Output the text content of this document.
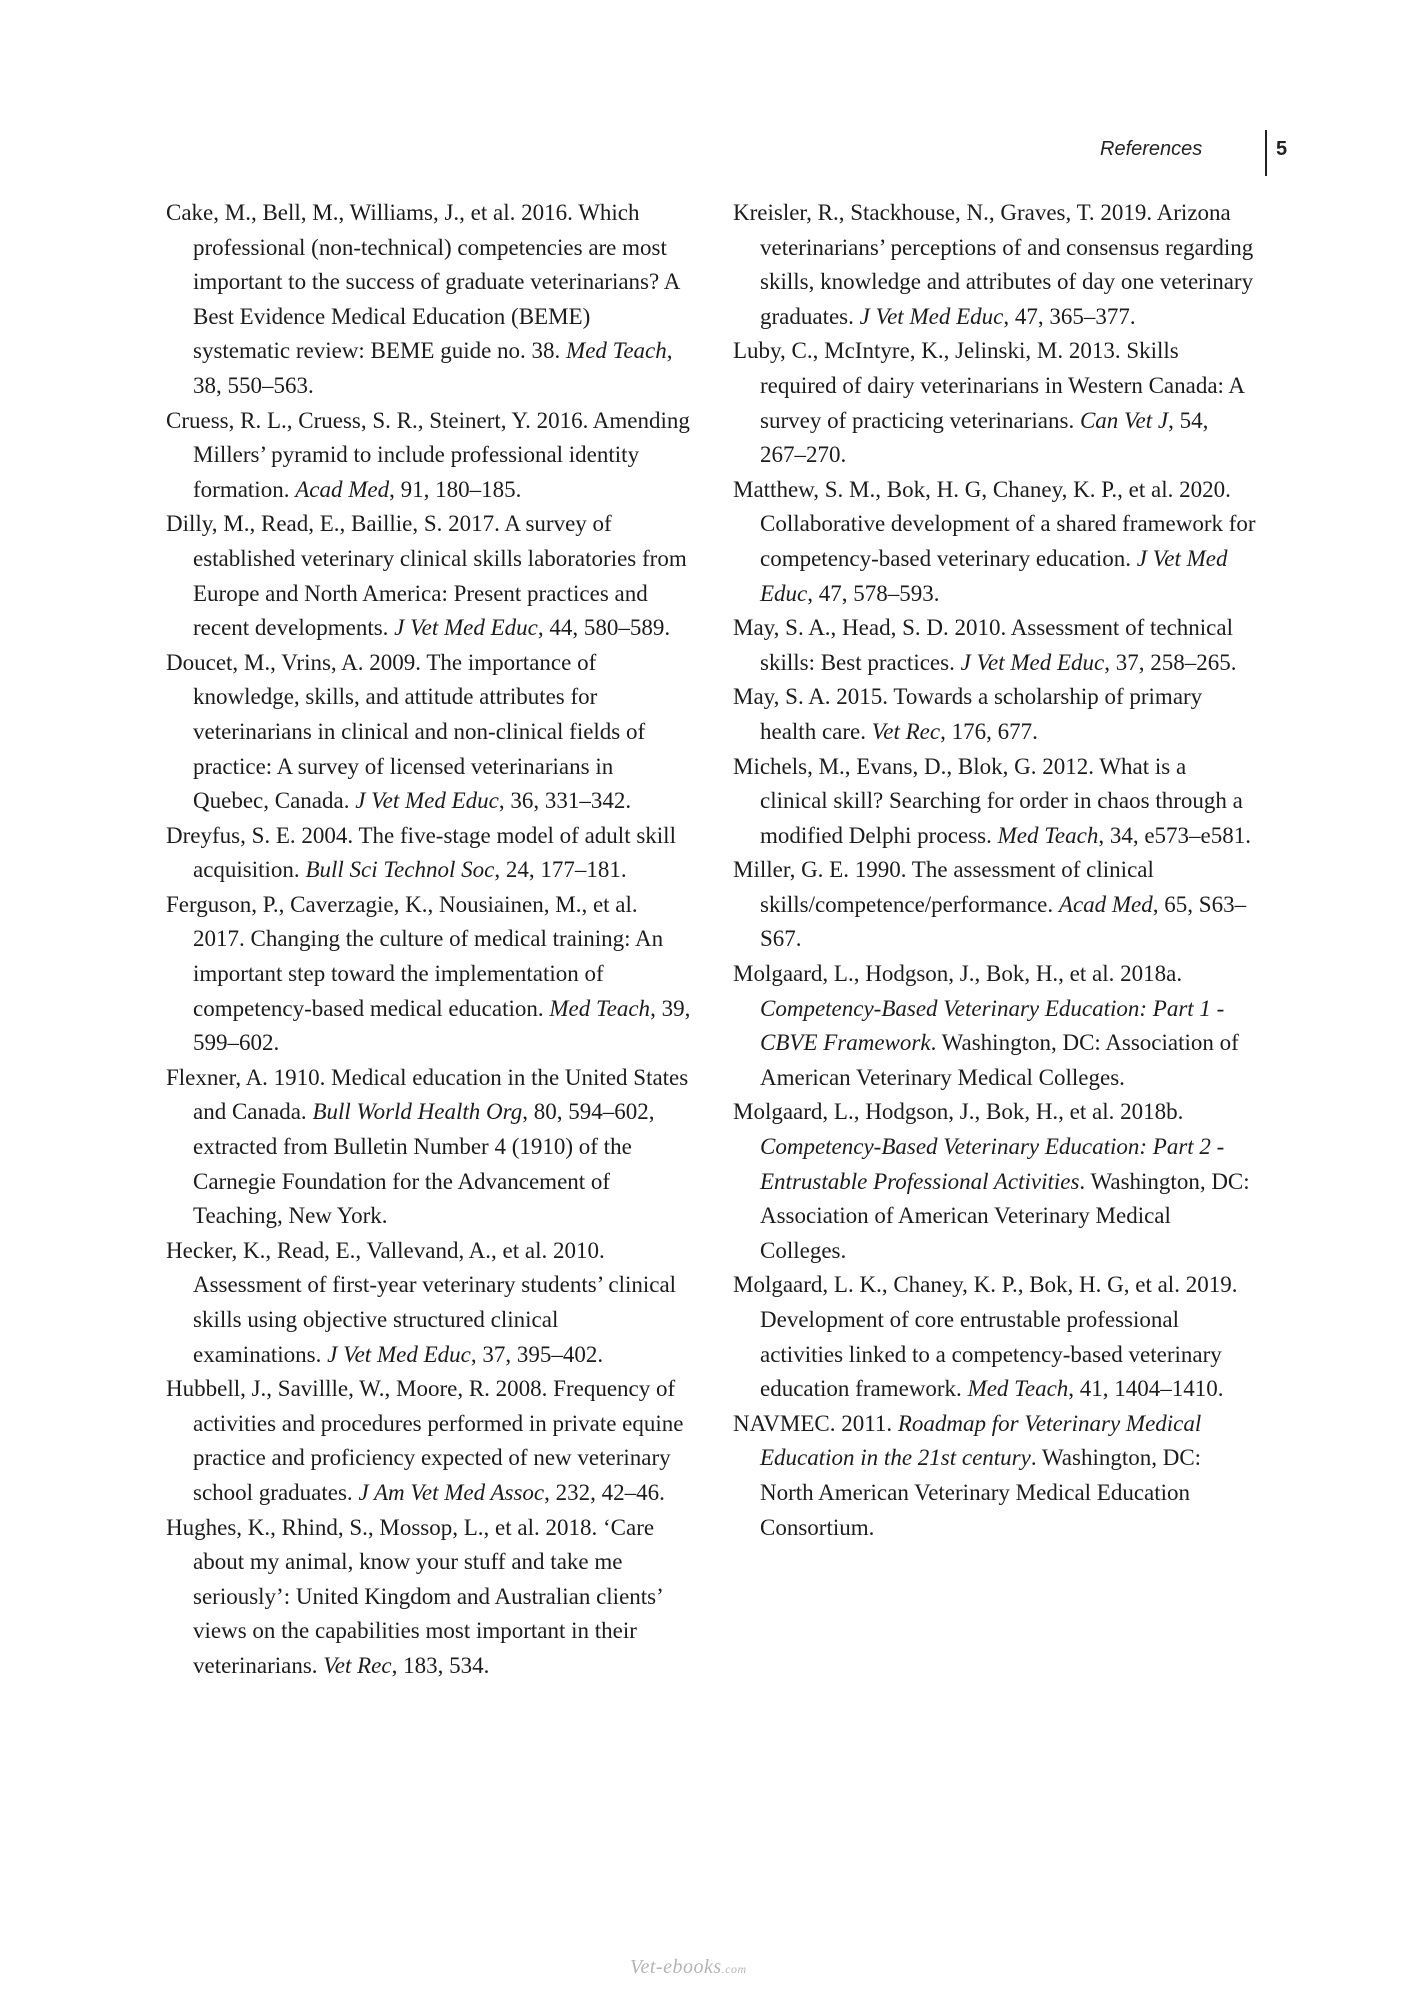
References	5

Cake, M., Bell, M., Williams, J., et al. 2016. Which professional (non-technical) competencies are most important to the success of graduate veterinarians? A Best Evidence Medical Education (BEME) systematic review: BEME guide no. 38. Med Teach, 38, 550–563.

Cruess, R. L., Cruess, S. R., Steinert, Y. 2016. Amending Millers’ pyramid to include professional identity formation. Acad Med, 91, 180–185.

Dilly, M., Read, E., Baillie, S. 2017. A survey of established veterinary clinical skills laboratories from Europe and North America: Present practices and recent developments. J Vet Med Educ, 44, 580–589.

Doucet, M., Vrins, A. 2009. The importance of knowledge, skills, and attitude attributes for veterinarians in clinical and non-clinical fields of practice: A survey of licensed veterinarians in Quebec, Canada. J Vet Med Educ, 36, 331–342.

Dreyfus, S. E. 2004. The five-stage model of adult skill acquisition. Bull Sci Technol Soc, 24, 177–181.

Ferguson, P., Caverzagie, K., Nousiainen, M., et al. 2017. Changing the culture of medical training: An important step toward the implementation of competency-based medical education. Med Teach, 39, 599–602.

Flexner, A. 1910. Medical education in the United States and Canada. Bull World Health Org, 80, 594–602, extracted from Bulletin Number 4 (1910) of the Carnegie Foundation for the Advancement of Teaching, New York.

Hecker, K., Read, E., Vallevand, A., et al. 2010. Assessment of first-year veterinary students’ clinical skills using objective structured clinical examinations. J Vet Med Educ, 37, 395–402.

Hubbell, J., Savillle, W., Moore, R. 2008. Frequency of activities and procedures performed in private equine practice and proficiency expected of new veterinary school graduates. J Am Vet Med Assoc, 232, 42–46.

Hughes, K., Rhind, S., Mossop, L., et al. 2018. ‘Care about my animal, know your stuff and take me seriously’: United Kingdom and Australian clients’ views on the capabilities most important in their veterinarians. Vet Rec, 183, 534.

Kreisler, R., Stackhouse, N., Graves, T. 2019. Arizona veterinarians’ perceptions of and consensus regarding skills, knowledge and attributes of day one veterinary graduates. J Vet Med Educ, 47, 365–377.

Luby, C., McIntyre, K., Jelinski, M. 2013. Skills required of dairy veterinarians in Western Canada: A survey of practicing veterinarians. Can Vet J, 54, 267–270.

Matthew, S. M., Bok, H. G, Chaney, K. P., et al. 2020. Collaborative development of a shared framework for competency-based veterinary education. J Vet Med Educ, 47, 578–593.

May, S. A., Head, S. D. 2010. Assessment of technical skills: Best practices. J Vet Med Educ, 37, 258–265.

May, S. A. 2015. Towards a scholarship of primary health care. Vet Rec, 176, 677.

Michels, M., Evans, D., Blok, G. 2012. What is a clinical skill? Searching for order in chaos through a modified Delphi process. Med Teach, 34, e573–e581.

Miller, G. E. 1990. The assessment of clinical skills/competence/performance. Acad Med, 65, S63–S67.

Molgaard, L., Hodgson, J., Bok, H., et al. 2018a. Competency-Based Veterinary Education: Part 1 - CBVE Framework. Washington, DC: Association of American Veterinary Medical Colleges.

Molgaard, L., Hodgson, J., Bok, H., et al. 2018b. Competency-Based Veterinary Education: Part 2 - Entrustable Professional Activities. Washington, DC: Association of American Veterinary Medical Colleges.

Molgaard, L. K., Chaney, K. P., Bok, H. G, et al. 2019. Development of core entrustable professional activities linked to a competency-based veterinary education framework. Med Teach, 41, 1404–1410.

NAVMEC. 2011. Roadmap for Veterinary Medical Education in the 21st century. Washington, DC: North American Veterinary Medical Education Consortium.

Vet-ebooks.com
